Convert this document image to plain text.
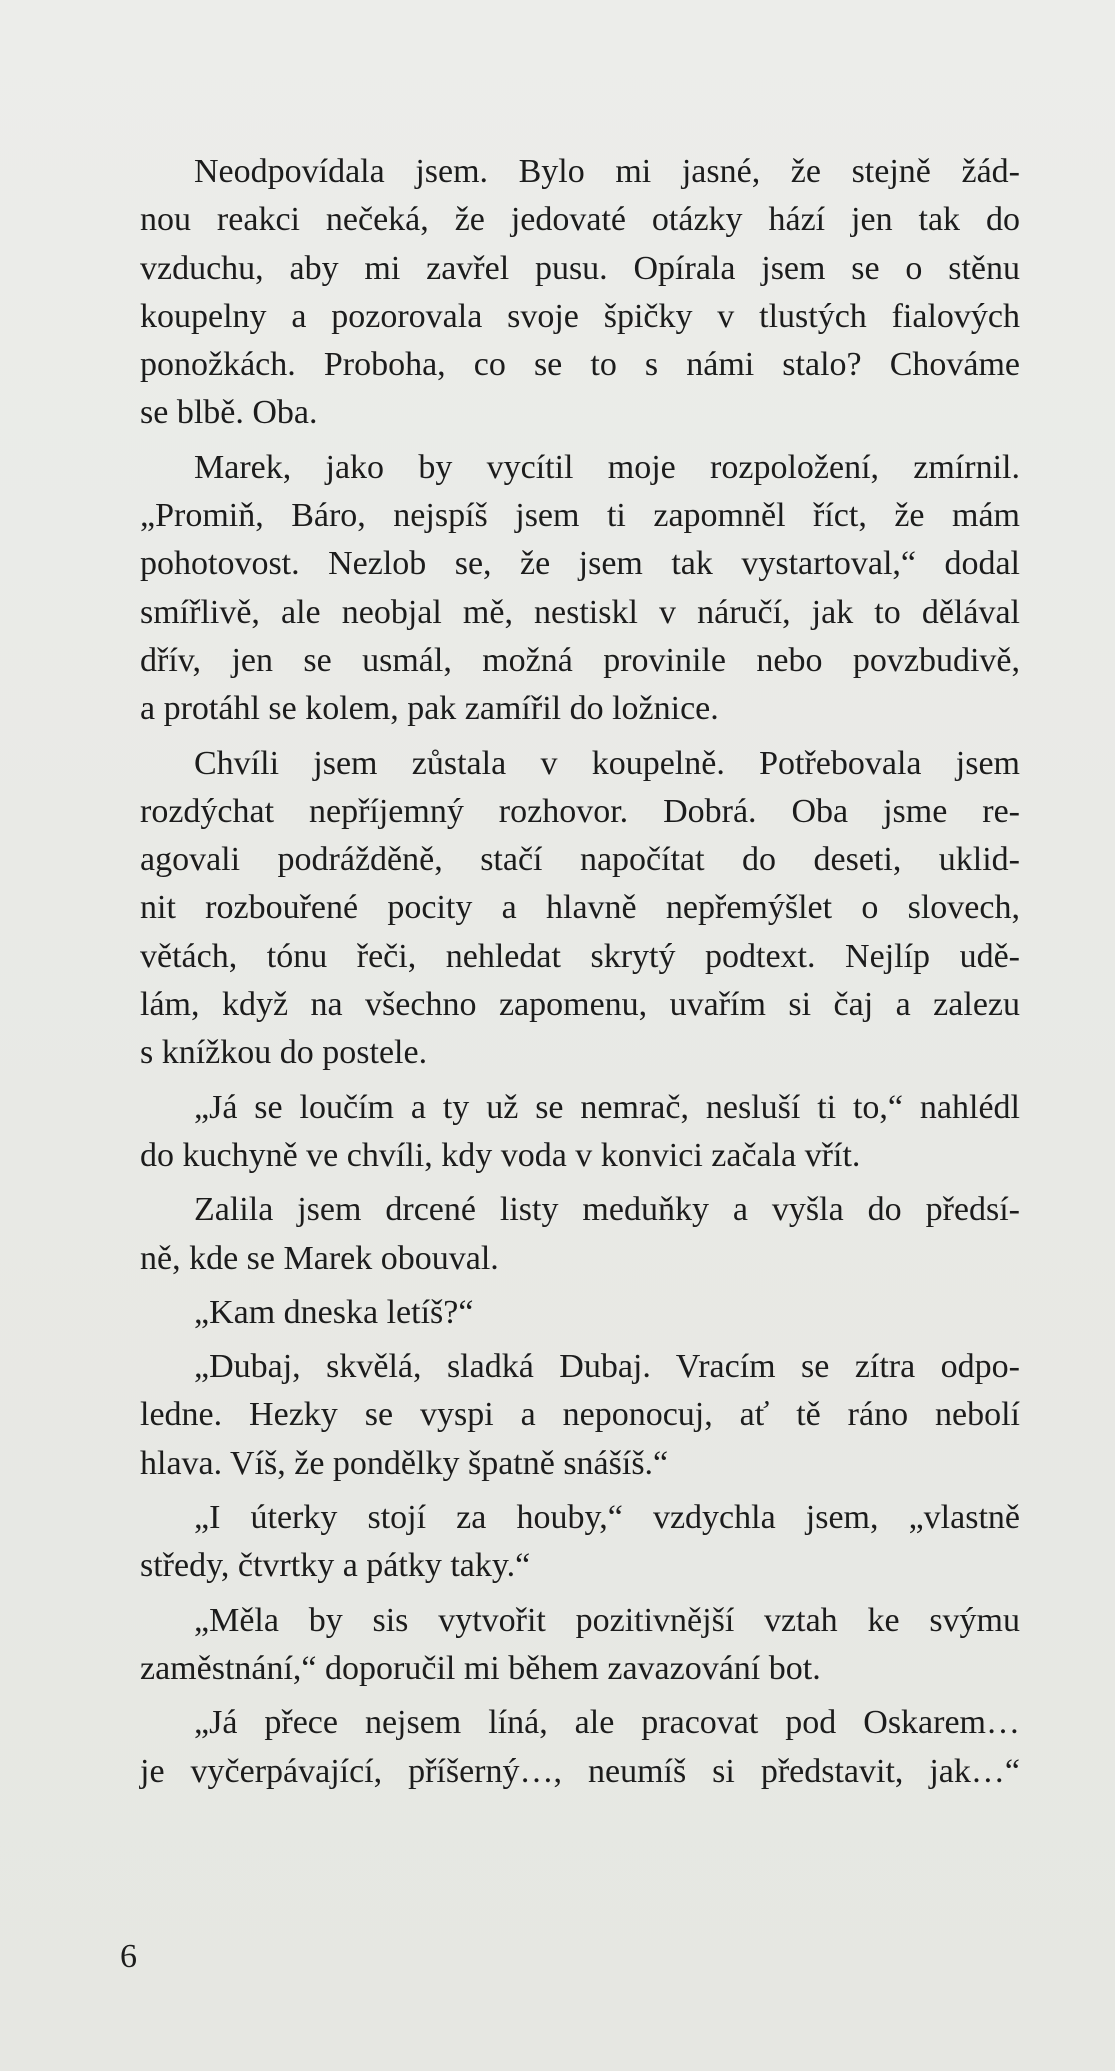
Neodpovídala jsem. Bylo mi jasné, že stejně žád-
nou reakci nečeká, že jedovaté otázky hází jen tak do
vzduchu, aby mi zavřel pusu. Opírala jsem se o stěnu
koupelny a pozorovala svoje špičky v tlustých fialových
ponožkách. Proboha, co se to s námi stalo? Chováme
se blbě. Oba.
Marek, jako by vycítil moje rozpoložení, zmírnil.
„Promiň, Báro, nejspíš jsem ti zapomněl říct, že mám
pohotovost. Nezlob se, že jsem tak vystartoval,“ dodal
smířlivě, ale neobjal mě, nestiskl v náručí, jak to dělával
dřív, jen se usmál, možná provinile nebo povzbudivě,
a protáhl se kolem, pak zamířil do ložnice.
Chvíli jsem zůstala v koupelně. Potřebovala jsem
rozdýchat nepříjemný rozhovor. Dobrá. Oba jsme re-
agovali podrážděně, stačí napočítat do deseti, uklid-
nit rozbouřené pocity a hlavně nepřemýšlet o slovech,
větách, tónu řeči, nehledat skrytý podtext. Nejlíp udě-
lám, když na všechno zapomenu, uvařím si čaj a zalezu
s knížkou do postele.
„Já se loučím a ty už se nemrač, nesluší ti to,“ nahlédl
do kuchyně ve chvíli, kdy voda v konvici začala vřít.
Zalila jsem drcené listy meduňky a vyšla do předsí-
ně, kde se Marek obouval.
„Kam dneska letíš?“
„Dubaj, skvělá, sladká Dubaj. Vracím se zítra odpo-
ledne. Hezky se vyspi a neponocuj, ať tě ráno nebolí
hlava. Víš, že pondělky špatně snášíš.“
„I úterky stojí za houby,“ vzdychla jsem, „vlastně
středy, čtvrtky a pátky taky.“
„Měla by sis vytvořit pozitivnější vztah ke svýmu
zaměstnání,“ doporučil mi během zavazování bot.
„Já přece nejsem líná, ale pracovat pod Oskarem…
je vyčerpávající, příšerný…, neumíš si představit, jak…“
6
